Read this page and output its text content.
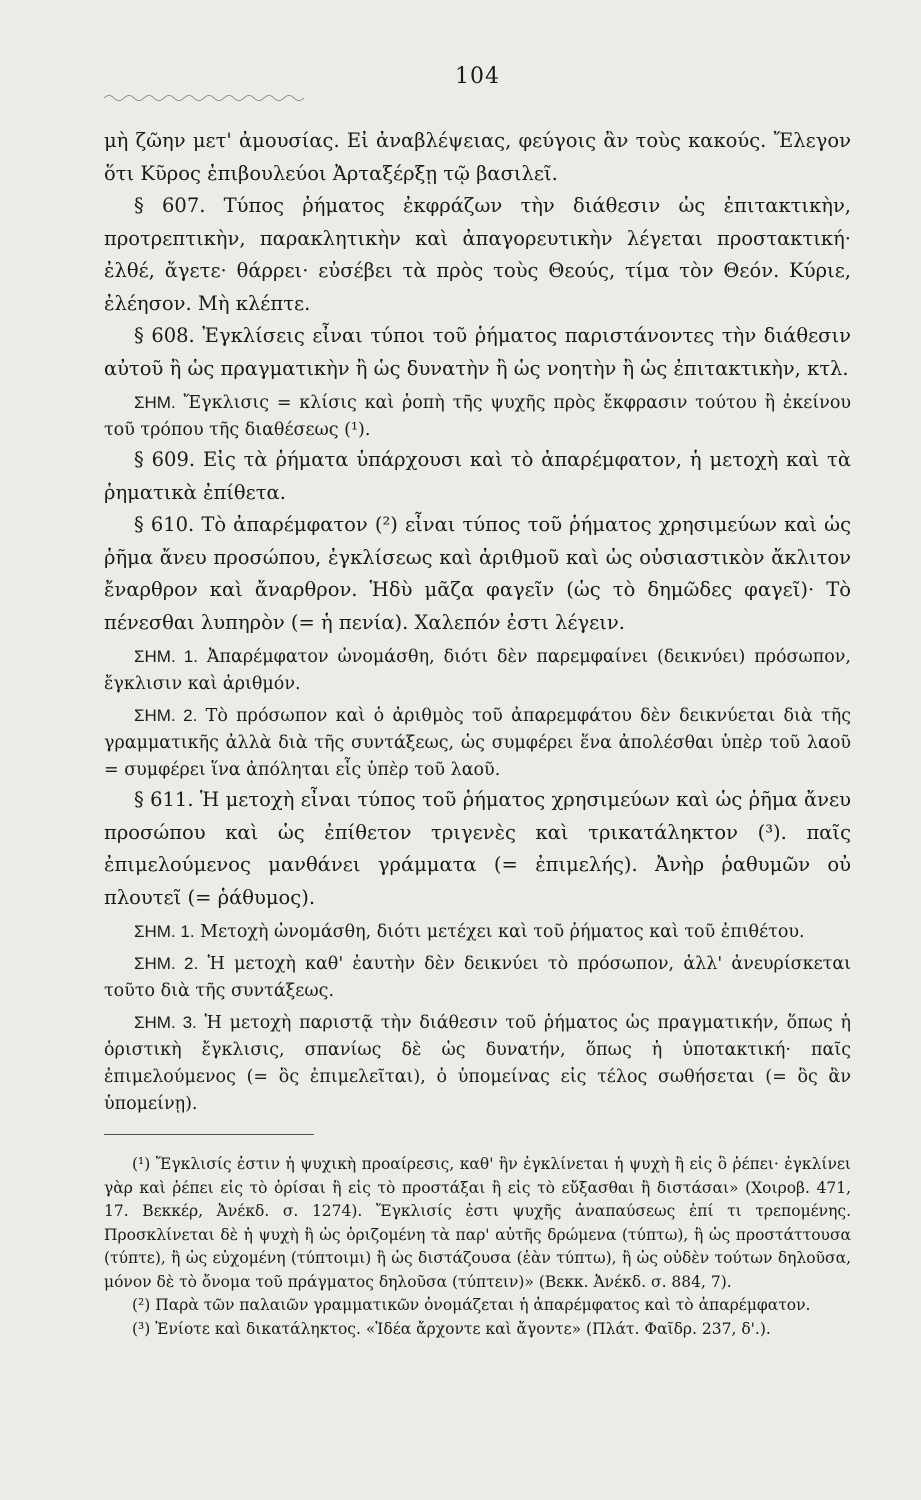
104

μὴ ζῶην μετ' ἀμουσίας. Εἰ ἀναβλέψειας, φεύγοις ἂν τοὺς κακούς. Ἔλεγον ὅτι Κῦρος ἐπιβουλεύοι Ἀρταξέρξῃ τῷ βασιλεῖ.

§ 607. Τύπος ῥήματος ἐκφράζων τὴν διάθεσιν ὡς ἐπιτακτικὴν, προτρεπτικὴν, παρακλητικὴν καὶ ἀπαγορευτικὴν λέγεται προστακτική· ἐλθέ, ἄγετε· θάρρει· εὐσέβει τὰ πρὸς τοὺς Θεούς, τίμα τὸν Θεόν. Κύριε, ἐλέησον. Μὴ κλέπτε.

§ 608. Ἐγκλίσεις εἶναι τύποι τοῦ ῥήματος παριστάνοντες τὴν διάθεσιν αὐτοῦ ἢ ὡς πραγματικὴν ἢ ὡς δυνατὴν ἢ ὡς νοητὴν ἢ ὡς ἐπιτακτικὴν, κτλ.

ΣΗΜ. Ἔγκλισις = κλίσις καὶ ῥοπὴ τῆς ψυχῆς πρὸς ἔκφρασιν τούτου ἢ ἐκείνου τοῦ τρόπου τῆς διαθέσεως (¹).

§ 609. Εἰς τὰ ῥήματα ὑπάρχουσι καὶ τὸ ἀπαρέμφατον, ἡ μετοχὴ καὶ τὰ ῥηματικὰ ἐπίθετα.

§ 610. Τὸ ἀπαρέμφατον (²) εἶναι τύπος τοῦ ῥήματος χρησιμεύων καὶ ὡς ῥῆμα ἄνευ προσώπου, ἐγκλίσεως καὶ ἀριθμοῦ καὶ ὡς οὐσιαστικὸν ἄκλιτον ἔναρθρον καὶ ἄναρθρον. Ἡδὺ μᾶζα φαγεῖν (ὡς τὸ δημῶδες φαγεῖ)· Τὸ πένεσθαι λυπηρὸν (= ἡ πενία). Χαλεπόν ἐστι λέγειν.

ΣΗΜ. 1. Ἀπαρέμφατον ὠνομάσθη, διότι δὲν παρεμφαίνει (δεικνύει) πρόσωπον, ἔγκλισιν καὶ ἀριθμόν.

ΣΗΜ. 2. Τὸ πρόσωπον καὶ ὁ ἀριθμὸς τοῦ ἀπαρεμφάτου δὲν δεικνύεται διὰ τῆς γραμματικῆς ἀλλὰ διὰ τῆς συντάξεως, ὡς συμφέρει ἕνα ἀπολέσθαι ὑπὲρ τοῦ λαοῦ = συμφέρει ἵνα ἀπόληται εἷς ὑπὲρ τοῦ λαοῦ.

§ 611. Ἡ μετοχὴ εἶναι τύπος τοῦ ῥήματος χρησιμεύων καὶ ὡς ῥῆμα ἄνευ προσώπου καὶ ὡς ἐπίθετον τριγενὲς καὶ τρικατάληκτον (³). παῖς ἐπιμελούμενος μανθάνει γράμματα (= ἐπιμελής). Ἀνὴρ ῥαθυμῶν οὐ πλουτεῖ (= ῥάθυμος).

ΣΗΜ. 1. Μετοχὴ ὠνομάσθη, διότι μετέχει καὶ τοῦ ῥήματος καὶ τοῦ ἐπιθέτου.

ΣΗΜ. 2. Ἡ μετοχὴ καθ' ἑαυτὴν δὲν δεικνύει τὸ πρόσωπον, ἀλλ' ἀνευρίσκεται τοῦτο διὰ τῆς συντάξεως.

ΣΗΜ. 3. Ἡ μετοχὴ παριστᾷ τὴν διάθεσιν τοῦ ῥήματος ὡς πραγματικήν, ὅπως ἡ ὁριστικὴ ἔγκλισις, σπανίως δὲ ὡς δυνατήν, ὅπως ἡ ὑποτακτική· παῖς ἐπιμελούμενος (= ὃς ἐπιμελεῖται), ὁ ὑπομείνας εἰς τέλος σωθήσεται (= ὃς ἂν ὑπομείνῃ).

(¹) Ἔγκλισίς ἐστιν ἡ ψυχικὴ προαίρεσις, καθ' ἣν ἐγκλίνεται ἡ ψυχὴ ἢ εἰς ὃ ῥέπει· ἐγκλίνει γὰρ καὶ ῥέπει εἰς τὸ ὁρίσαι ἢ εἰς τὸ προστάξαι ἢ εἰς τὸ εὔξασθαι ἢ διστάσαι» (Χοιροβ. 471, 17. Βεκκέρ, Ἀνέκδ. σ. 1274). Ἔγκλισίς ἐστι ψυχῆς ἀναπαύσεως ἐπί τι τρεπομένης. Προσκλίνεται δὲ ἡ ψυχὴ ἢ ὡς ὁριζομένη τὰ παρ' αὐτῆς δρώμενα (τύπτω), ἢ ὡς προστάττουσα (τύπτε), ἢ ὡς εὐχομένη (τύπτοιμι) ἢ ὡς διστάζουσα (ἐὰν τύπτω), ἢ ὡς οὐδὲν τούτων δηλοῦσα, μόνον δὲ τὸ ὄνομα τοῦ πράγματος δηλοῦσα (τύπτειν)» (Βεκκ. Ἀνέκδ. σ. 884, 7).

(²) Παρὰ τῶν παλαιῶν γραμματικῶν ὀνομάζεται ἡ ἀπαρέμφατος καὶ τὸ ἀπαρέμφατον.

(³) Ἐνίοτε καὶ δικατάληκτος. «Ἰδέα ἄρχοντε καὶ ἄγοντε» (Πλάτ. Φαῖδρ. 237, δ'.).
